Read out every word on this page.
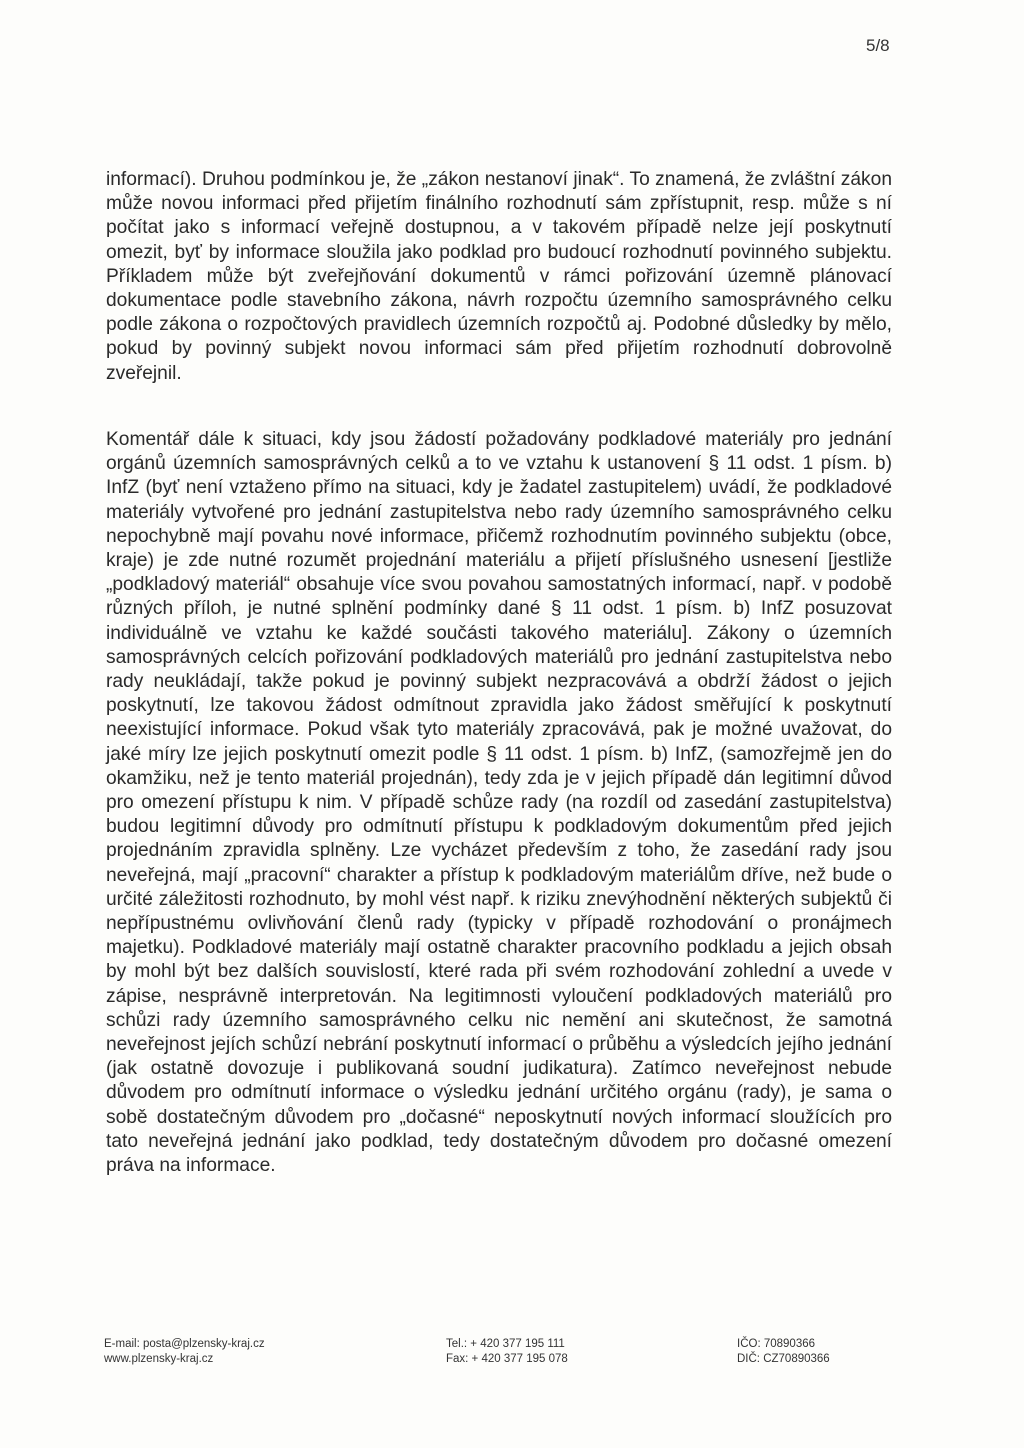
5/8

informací). Druhou podmínkou je, že „zákon nestanoví jinak“. To znamená, že zvláštní zákon může novou informaci před přijetím finálního rozhodnutí sám zpřístupnit, resp. může s ní počítat jako s informací veřejně dostupnou, a v takovém případě nelze její poskytnutí omezit, byť by informace sloužila jako podklad pro budoucí rozhodnutí povinného subjektu. Příkladem může být zveřejňování dokumentů v rámci pořizování územně plánovací dokumentace podle stavebního zákona, návrh rozpočtu územního samosprávného celku podle zákona o rozpočtových pravidlech územních rozpočtů aj. Podobné důsledky by mělo, pokud by povinný subjekt novou informaci sám před přijetím rozhodnutí dobrovolně zveřejnil.

Komentář dále k situaci, kdy jsou žádostí požadovány podkladové materiály pro jednání orgánů územních samosprávných celků a to ve vztahu k ustanovení § 11 odst. 1 písm. b) InfZ (byť není vztaženo přímo na situaci, kdy je žadatel zastupitelem) uvádí, že podkladové materiály vytvořené pro jednání zastupitelstva nebo rady územního samosprávného celku nepochybně mají povahu nové informace, přičemž rozhodnutím povinného subjektu (obce, kraje) je zde nutné rozumět projednání materiálu a přijetí příslušného usnesení [jestliže „podkladový materiál“ obsahuje více svou povahou samostatných informací, např. v podobě různých příloh, je nutné splnění podmínky dané § 11 odst. 1 písm. b) InfZ posuzovat individuálně ve vztahu ke každé součásti takového materiálu]. Zákony o územních samosprávných celcích pořizování podkladových materiálů pro jednání zastupitelstva nebo rady neukládají, takže pokud je povinný subjekt nezpracovává a obdrží žádost o jejich poskytnutí, lze takovou žádost odmítnout zpravidla jako žádost směřující k poskytnutí neexistující informace. Pokud však tyto materiály zpracovává, pak je možné uvažovat, do jaké míry lze jejich poskytnutí omezit podle § 11 odst. 1 písm. b) InfZ, (samozřejmě jen do okamžiku, než je tento materiál projednán), tedy zda je v jejich případě dán legitimní důvod pro omezení přístupu k nim. V případě schůze rady (na rozdíl od zasedání zastupitelstva) budou legitimní důvody pro odmítnutí přístupu k podkladovým dokumentům před jejich projednáním zpravidla splněny. Lze vycházet především z toho, že zasedání rady jsou neveřejná, mají „pracovní“ charakter a přístup k podkladovým materiálům dříve, než bude o určité záležitosti rozhodnuto, by mohl vést např. k riziku znevýhodnění některých subjektů či nepřípustnému ovlivňování členů rady (typicky v případě rozhodování o pronájmech majetku). Podkladové materiály mají ostatně charakter pracovního podkladu a jejich obsah by mohl být bez dalších souvislostí, které rada při svém rozhodování zohlední a uvede v zápise, nesprávně interpretován. Na legitimnosti vyloučení podkladových materiálů pro schůzi rady územního samosprávného celku nic nemění ani skutečnost, že samotná neveřejnost jejích schůzí nebrání poskytnutí informací o průběhu a výsledcích jejího jednání (jak ostatně dovozuje i publikovaná soudní judikatura). Zatímco neveřejnost nebude důvodem pro odmítnutí informace o výsledku jednání určitého orgánu (rady), je sama o sobě dostatečným důvodem pro „dočasné“ neposkytnutí nových informací sloužících pro tato neveřejná jednání jako podklad, tedy dostatečným důvodem pro dočasné omezení práva na informace.

E-mail: posta@plzensky-kraj.cz
www.plzensky-kraj.cz
Tel.: + 420 377 195 111
Fax: + 420 377 195 078
IČO: 70890366
DIČ: CZ70890366
